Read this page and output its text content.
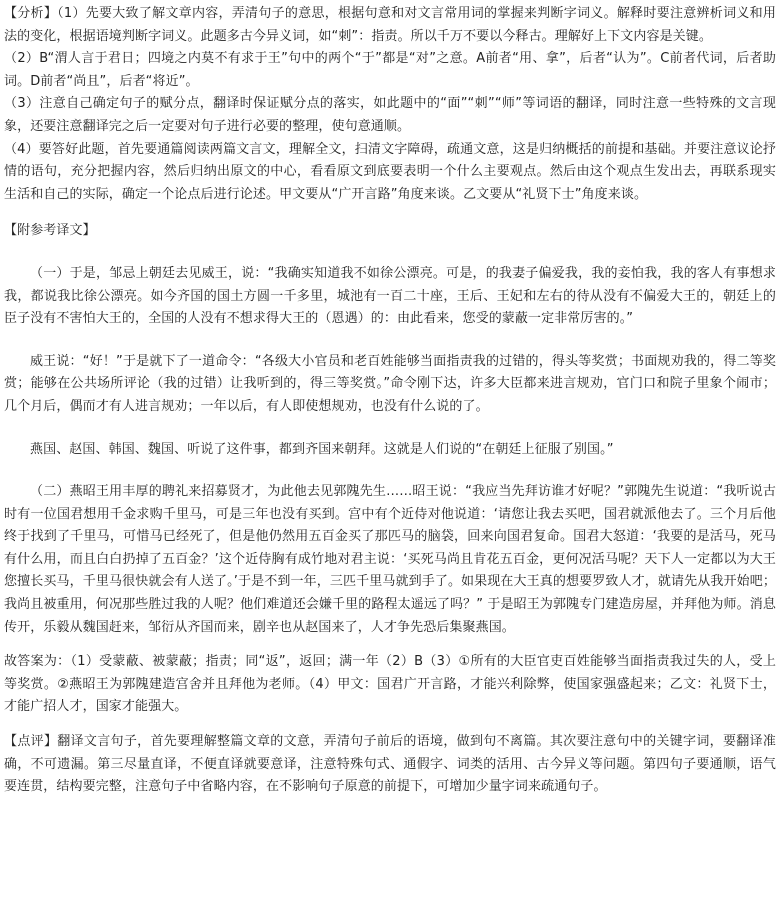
【分析】（1）先要大致了解文章内容，弄清句子的意思，根据句意和对文言常用词的掌握来判断字词义。解释时要注意辨析词义和用法的变化，根据语境判断字词义。此题多古今异义词，如“刺”：指责。所以千万不要以今释古。理解好上下文内容是关键。

（2）B“渭人言于君日；四境之内莫不有求于王”句中的两个“于”都是“对”之意。A前者“用、拿”，后者“认为”。C前者代词，后者助词。D前者“尚且”，后者“将近”。

（3）注意自己确定句子的赋分点，翻译时保证赋分点的落实，如此题中的“面”“刺”“师”等词语的翻译，同时注意一些特殊的文言现象，还要注意翻译完之后一定要对句子进行必要的整理，使句意通顺。

（4）要答好此题，首先要通篇阅读两篇文言文，理解全文，扫清文字障碍，疏通文意，这是归纳概括的前提和基础。并要注意议论抒情的语句，充分把握内容，然后归纳出原文的中心，看看原文到底要表明一个什么主要观点。然后由这个观点生发出去，再联系现实生活和自己的实际，确定一个论点后进行论述。甲文要从“广开言路”角度来谈。乙文要从“礼贤下士”角度来谈。

【附参考译文】

（一）于是，邹忌上朝廷去见威王，说：“我确实知道我不如徐公漂亮。可是，的我妻子偏爱我，我的妾怕我，我的客人有事想求我，都说我比徐公漂亮。如今齐国的国土方圆一千多里，城池有一百二十座，王后、王妃和左右的待从没有不偏爱大王的，朝廷上的臣子没有不害怕大王的，全国的人没有不想求得大王的（恩遇）的：由此看来，您受的蒙蔽一定非常厉害的。”

威王说：“好！”于是就下了一道命令：“各级大小官员和老百姓能够当面指责我的过错的，得头等奖赏；书面规劝我的，得二等奖赏；能够在公共场所评论（我的过错）让我听到的，得三等奖赏。”命令刚下达，许多大臣都来进言规劝，官门口和院子里象个闹市；几个月后，偶而才有人进言规劝；一年以后，有人即使想规劝，也没有什么说的了。

燕国、赵国、韩国、魏国、听说了这件事，都到齐国来朝拜。这就是人们说的“在朝廷上征服了别国。”

（二）燕昭王用丰厚的聘礼来招募贤才，为此他去见郭隗先生……昭王说：“我应当先拜访谁才好呢？”郭隗先生说道：“我听说古时有一位国君想用千金求购千里马，可是三年也没有买到。宫中有个近侍对他说道：‘请您让我去买吧，国君就派他去了。三个月后他终于找到了千里马，可惜马已经死了，但是他仍然用五百金买了那匹马的脑袋，回来向国君复命。国君大怒道：‘我要的是活马，死马有什么用，而且白白扔掉了五百金？’这个近侍胸有成竹地对君主说：‘买死马尚且肯花五百金，更何况活马呢？天下人一定都以为大王您擅长买马，千里马很快就会有人送了。’于是不到一年，三匹千里马就到手了。如果现在大王真的想要罗致人才，就请先从我开始吧；我尚且被重用，何况那些胜过我的人呢？他们难道还会嫌千里的路程太遥远了吗？” 于是昭王为郭隗专门建造房屋，并拜他为师。消息传开，乐毅从魏国赶来，邹衍从齐国而来，剧辛也从赵国来了，人才争先恐后集聚燕国。

故答案为：（1）受蒙蔽、被蒙蔽；指责；同“返”，返回；满一年（2）B（3）①所有的大臣官吏百姓能够当面指责我过失的人，受上等奖赏。②燕昭王为郭隗建造宫舍并且拜他为老师。（4）甲文：国君广开言路，才能兴利除弊，使国家强盛起来；乙文：礼贤下士，才能广招人才，国家才能强大。

【点评】翻译文言句子，首先要理解整篇文章的文意，弄清句子前后的语境，做到句不离篇。其次要注意句中的关键字词，要翻译准确，不可遗漏。第三尽量直译，不便直译就要意译，注意特殊句式、通假字、词类的活用、古今异义等问题。第四句子要通顺，语气要连贯，结构要完整，注意句子中省略内容，在不影响句子原意的前提下，可增加少量字词来疏通句子。
